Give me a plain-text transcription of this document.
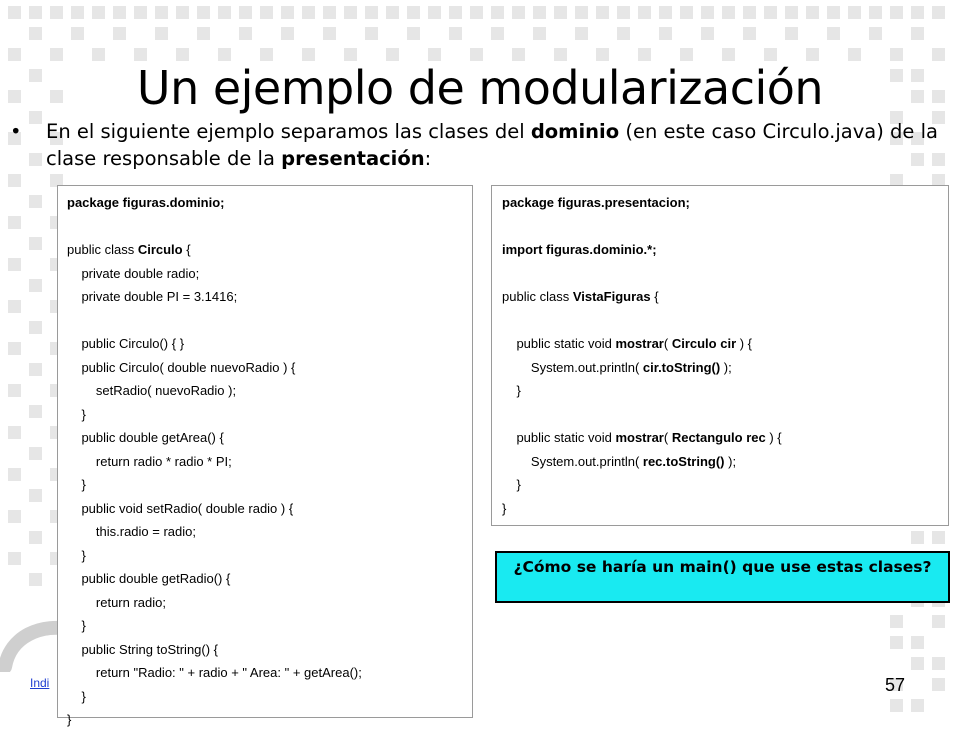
Un ejemplo de modularización
• En el siguiente ejemplo separamos las clases del dominio (en este caso Circulo.java) de la clase responsable de la presentación:
package figuras.dominio;
public class Circulo {
private double radio;
private double PI = 3.1416;
public Circulo() { }
public Circulo( double nuevoRadio ) {
setRadio( nuevoRadio );
}
public double getArea() {
return radio * radio * PI;
}
public void setRadio( double radio ) {
this.radio = radio;
}
public double getRadio() {
return radio;
}
public String toString() {
return "Radio: " + radio + " Area: " + getArea();
}
}
package figuras.presentacion;
import figuras.dominio.*;
public class VistaFiguras {
public static void mostrar( Circulo cir ) {
System.out.println( cir.toString() );
}
public static void mostrar( Rectangulo rec ) {
System.out.println( rec.toString() );
}
}
¿Cómo se haría un main() que use estas clases?
Indi	57
